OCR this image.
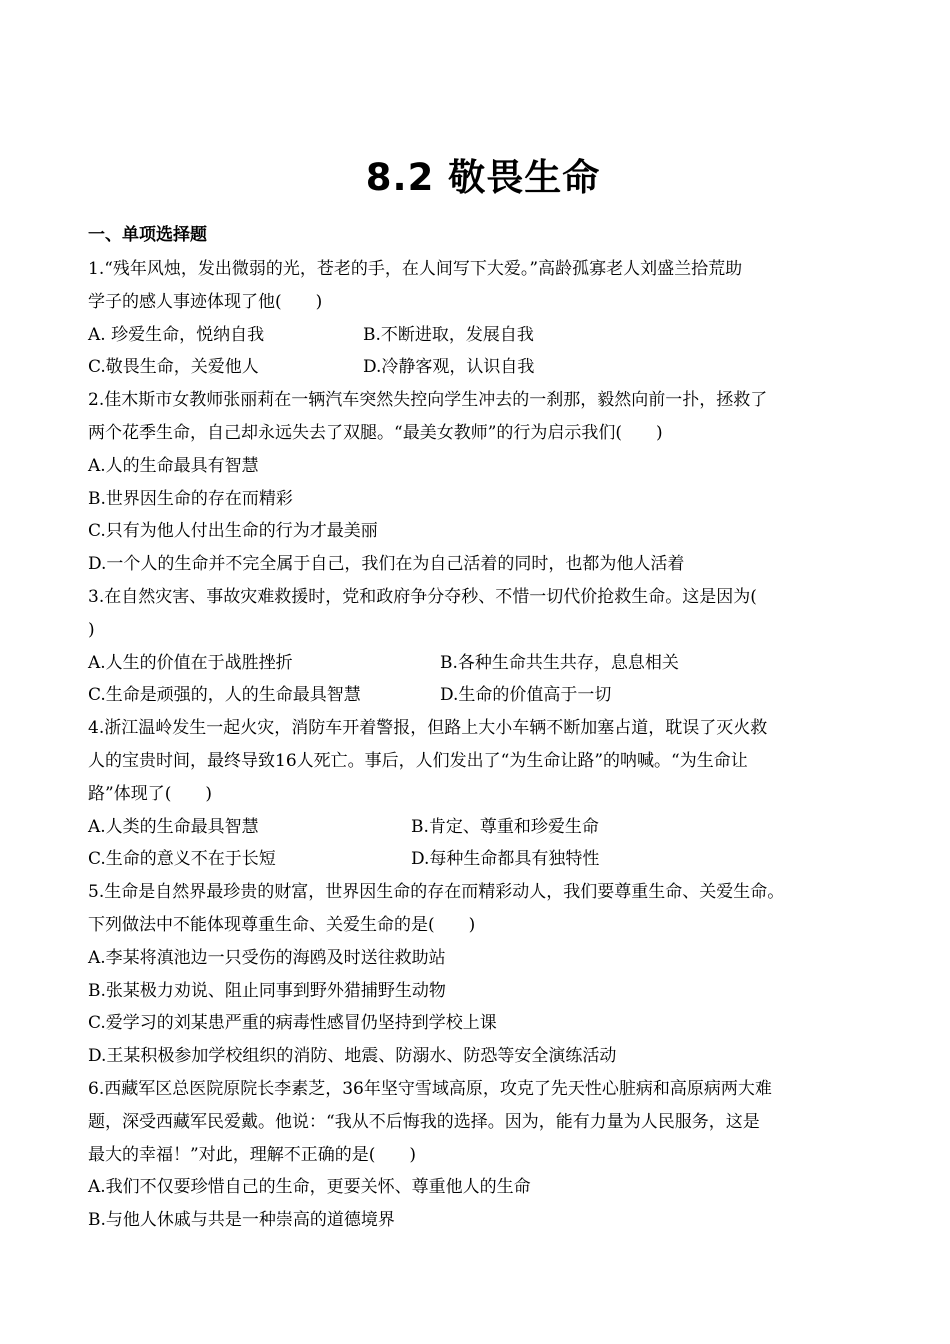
8.2 敬畏生命
一、单项选择题
1.“残年风烛，发出微弱的光，苍老的手，在人间写下大爱。”高龄孤寡老人刘盛兰拾荒助
学子的感人事迹体现了他(　　)
A. 珍爱生命，悦纳自我	B.不断进取，发展自我
C.敬畏生命，关爱他人	D.冷静客观，认识自我
2.佳木斯市女教师张丽莉在一辆汽车突然失控向学生冲去的一刹那，毅然向前一扑，拯救了
两个花季生命，自己却永远失去了双腿。“最美女教师”的行为启示我们(　　)
A.人的生命最具有智慧
B.世界因生命的存在而精彩
C.只有为他人付出生命的行为才最美丽
D.一个人的生命并不完全属于自己，我们在为自己活着的同时，也都为他人活着
3.在自然灾害、事故灾难救援时，党和政府争分夺秒、不惜一切代价抢救生命。这是因为(
)
A.人生的价值在于战胜挫折	B.各种生命共生共存，息息相关
C.生命是顽强的，人的生命最具智慧	D.生命的价值高于一切
4.浙江温岭发生一起火灾，消防车开着警报，但路上大小车辆不断加塞占道，耽误了灭火救
人的宝贵时间，最终导致16人死亡。事后，人们发出了“为生命让路”的呐喊。“为生命让
路”体现了(　　)
A.人类的生命最具智慧	B.肯定、尊重和珍爱生命
C.生命的意义不在于长短	D.每种生命都具有独特性
5.生命是自然界最珍贵的财富，世界因生命的存在而精彩动人，我们要尊重生命、关爱生命。
下列做法中不能体现尊重生命、关爱生命的是(　　)
A.李某将滇池边一只受伤的海鸥及时送往救助站
B.张某极力劝说、阻止同事到野外猎捕野生动物
C.爱学习的刘某患严重的病毒性感冒仍坚持到学校上课
D.王某积极参加学校组织的消防、地震、防溺水、防恐等安全演练活动
6.西藏军区总医院原院长李素芝，36年坚守雪域高原，攻克了先天性心脏病和高原病两大难
题，深受西藏军民爱戴。他说：“我从不后悔我的选择。因为，能有力量为人民服务，这是
最大的幸福！”对此，理解不正确的是(　　)
A.我们不仅要珍惜自己的生命，更要关怀、尊重他人的生命
B.与他人休戚与共是一种崇高的道德境界
